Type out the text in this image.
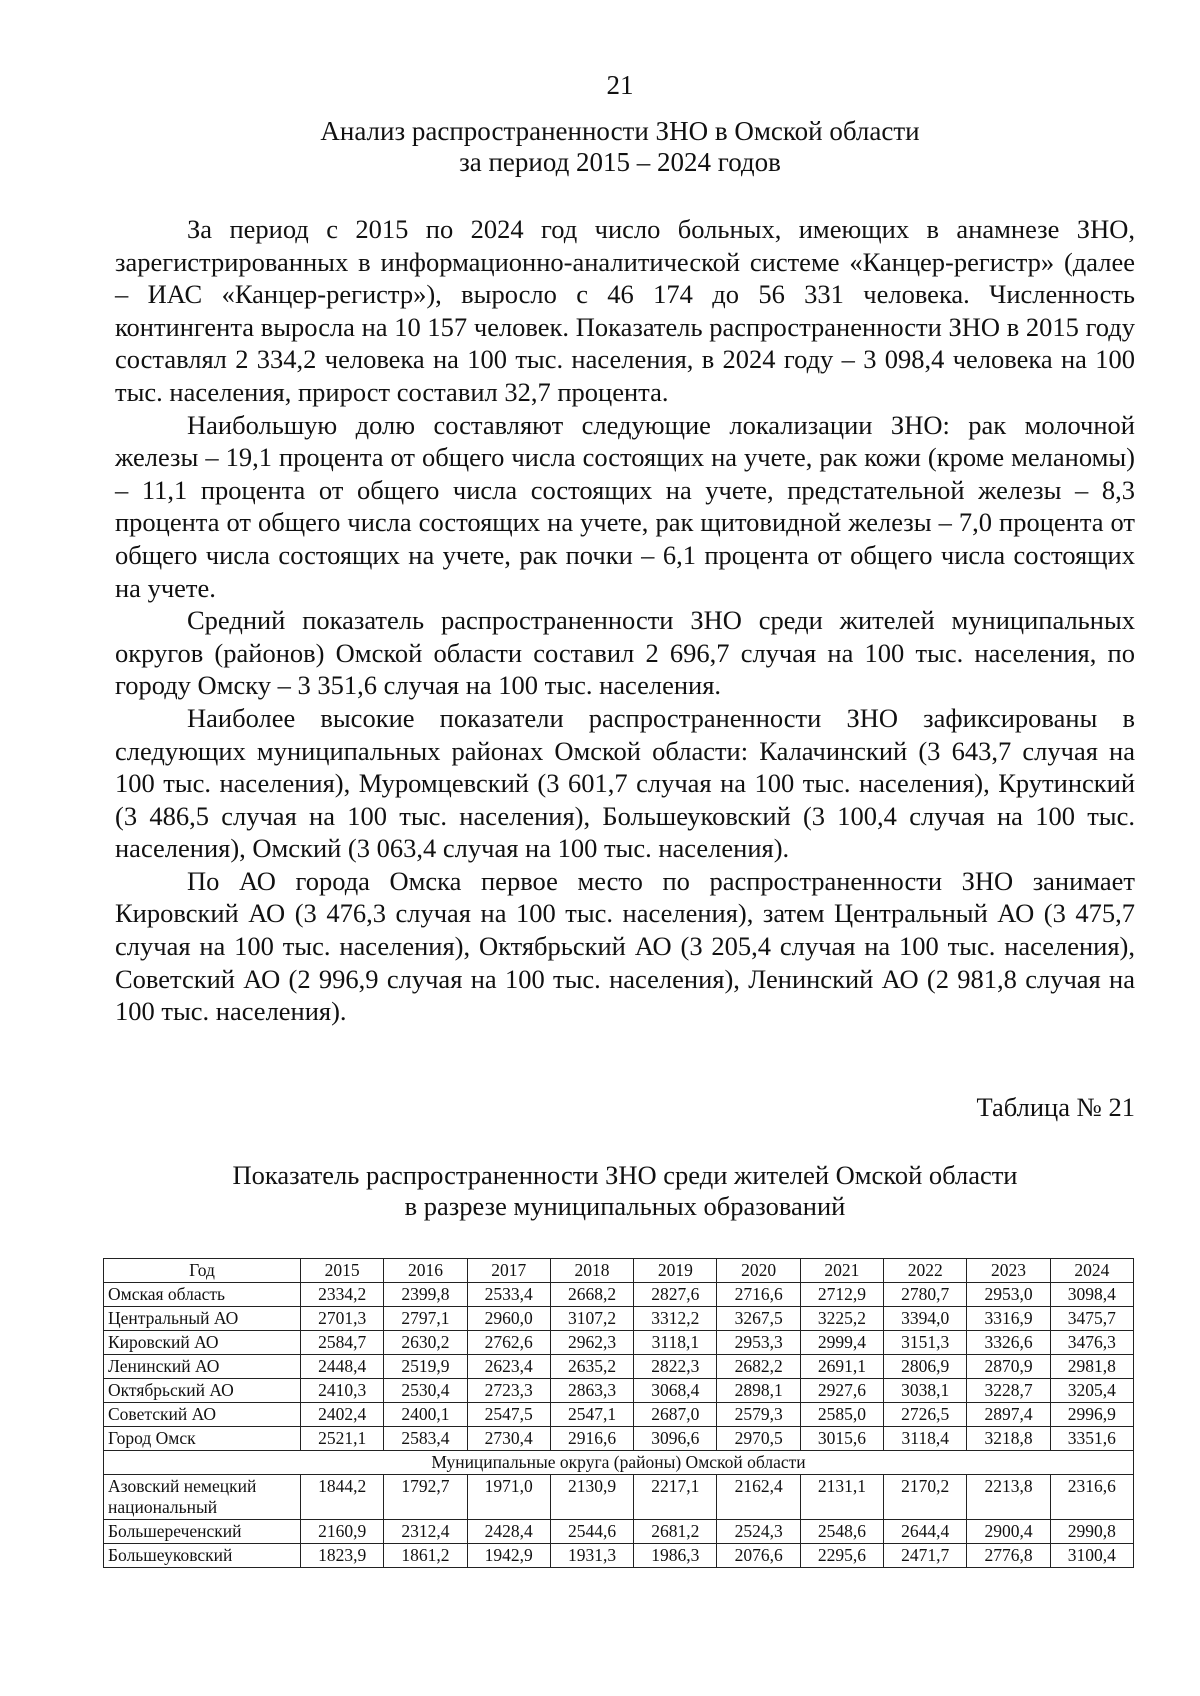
21
Анализ распространенности ЗНО в Омской области
за период 2015 – 2024 годов

За период с 2015 по 2024 год число больных, имеющих в анамнезе ЗНО, зарегистрированных в информационно-аналитической системе «Канцер-регистр» (далее – ИАС «Канцер-регистр»), выросло с 46 174 до 56 331 человека. Численность контингента выросла на 10 157 человек. Показатель распространенности ЗНО в 2015 году составлял 2 334,2 человека на 100 тыс. населения, в 2024 году – 3 098,4 человека на 100 тыс. населения, прирост составил 32,7 процента.

Наибольшую долю составляют следующие локализации ЗНО: рак молочной железы – 19,1 процента от общего числа состоящих на учете, рак кожи (кроме меланомы) – 11,1 процента от общего числа состоящих на учете, предстательной железы – 8,3 процента от общего числа состоящих на учете, рак щитовидной железы – 7,0 процента от общего числа состоящих на учете, рак почки – 6,1 процента от общего числа состоящих на учете.

Средний показатель распространенности ЗНО среди жителей муниципальных округов (районов) Омской области составил 2 696,7 случая на 100 тыс. населения, по городу Омску – 3 351,6 случая на 100 тыс. населения.

Наиболее высокие показатели распространенности ЗНО зафиксированы в следующих муниципальных районах Омской области: Калачинский (3 643,7 случая на 100 тыс. населения), Муромцевский (3 601,7 случая на 100 тыс. населения), Крутинский (3 486,5 случая на 100 тыс. населения), Большеуковский (3 100,4 случая на 100 тыс. населения), Омский (3 063,4 случая на 100 тыс. населения).

По АО города Омска первое место по распространенности ЗНО занимает Кировский АО (3 476,3 случая на 100 тыс. населения), затем Центральный АО (3 475,7 случая на 100 тыс. населения), Октябрьский АО (3 205,4 случая на 100 тыс. населения), Советский АО (2 996,9 случая на 100 тыс. населения), Ленинский АО (2 981,8 случая на 100 тыс. населения).

Таблица № 21
Показатель распространенности ЗНО среди жителей Омской области
в разрезе муниципальных образований
Год	2015	2016	2017	2018	2019	2020	2021	2022	2023	2024
Омская область	2334,2	2399,8	2533,4	2668,2	2827,6	2716,6	2712,9	2780,7	2953,0	3098,4
Центральный АО	2701,3	2797,1	2960,0	3107,2	3312,2	3267,5	3225,2	3394,0	3316,9	3475,7
Кировский АО	2584,7	2630,2	2762,6	2962,3	3118,1	2953,3	2999,4	3151,3	3326,6	3476,3
Ленинский АО	2448,4	2519,9	2623,4	2635,2	2822,3	2682,2	2691,1	2806,9	2870,9	2981,8
Октябрьский АО	2410,3	2530,4	2723,3	2863,3	3068,4	2898,1	2927,6	3038,1	3228,7	3205,4
Советский АО	2402,4	2400,1	2547,5	2547,1	2687,0	2579,3	2585,0	2726,5	2897,4	2996,9
Город Омск	2521,1	2583,4	2730,4	2916,6	3096,6	2970,5	3015,6	3118,4	3218,8	3351,6
Муниципальные округа (районы) Омской области										
Азовский немецкий национальный	1844,2	1792,7	1971,0	2130,9	2217,1	2162,4	2131,1	2170,2	2213,8	2316,6
Большереченский	2160,9	2312,4	2428,4	2544,6	2681,2	2524,3	2548,6	2644,4	2900,4	2990,8
Большеуковский	1823,9	1861,2	1942,9	1931,3	1986,3	2076,6	2295,6	2471,7	2776,8	3100,4
